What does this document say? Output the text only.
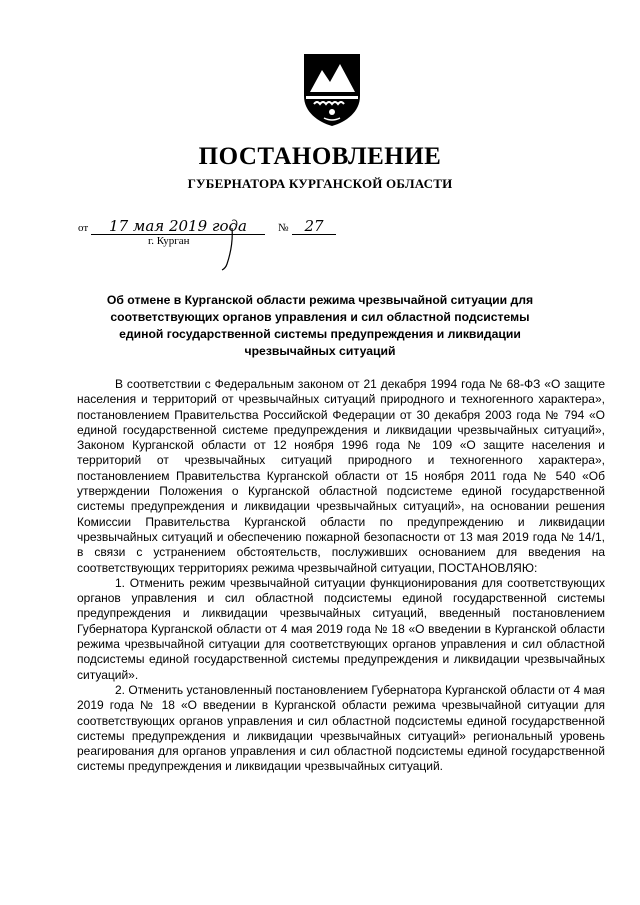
ПОСТАНОВЛЕНИЕ
ГУБЕРНАТОРА КУРГАНСКОЙ ОБЛАСТИ
от	17 мая 2019 года	№	27
г. Курган
Об отмене в Курганской области режима чрезвычайной ситуации для соответствующих органов управления и сил областной подсистемы единой государственной системы предупреждения и ликвидации чрезвычайных ситуаций

В соответствии с Федеральным законом от 21 декабря 1994 года № 68-ФЗ «О защите населения и территорий от чрезвычайных ситуаций природного и техногенного характера», постановлением Правительства Российской Федерации от 30 декабря 2003 года № 794 «О единой государственной системе предупреждения и ликвидации чрезвычайных ситуаций», Законом Курганской области от 12 ноября 1996 года № 109 «О защите населения и территорий от чрезвычайных ситуаций природного и техногенного характера», постановлением Правительства Курганской области от 15 ноября 2011 года № 540 «Об утверждении Положения о Курганской областной подсистеме единой государственной системы предупреждения и ликвидации чрезвычайных ситуаций», на основании решения Комиссии Правительства Курганской области по предупреждению и ликвидации чрезвычайных ситуаций и обеспечению пожарной безопасности от 13 мая 2019 года № 14/1, в связи с устранением обстоятельств, послуживших основанием для введения на соответствующих территориях режима чрезвычайной ситуации, ПОСТАНОВЛЯЮ:

1. Отменить режим чрезвычайной ситуации функционирования для соответствующих органов управления и сил областной подсистемы единой государственной системы предупреждения и ликвидации чрезвычайных ситуаций, введенный постановлением Губернатора Курганской области от 4 мая 2019 года № 18 «О введении в Курганской области режима чрезвычайной ситуации для соответствующих органов управления и сил областной подсистемы единой государственной системы предупреждения и ликвидации чрезвычайных ситуаций».

2. Отменить установленный постановлением Губернатора Курганской области от 4 мая 2019 года № 18 «О введении в Курганской области режима чрезвычайной ситуации для соответствующих органов управления и сил областной подсистемы единой государственной системы предупреждения и ликвидации чрезвычайных ситуаций» региональный уровень реагирования для органов управления и сил областной подсистемы единой государственной системы предупреждения и ликвидации чрезвычайных ситуаций.
